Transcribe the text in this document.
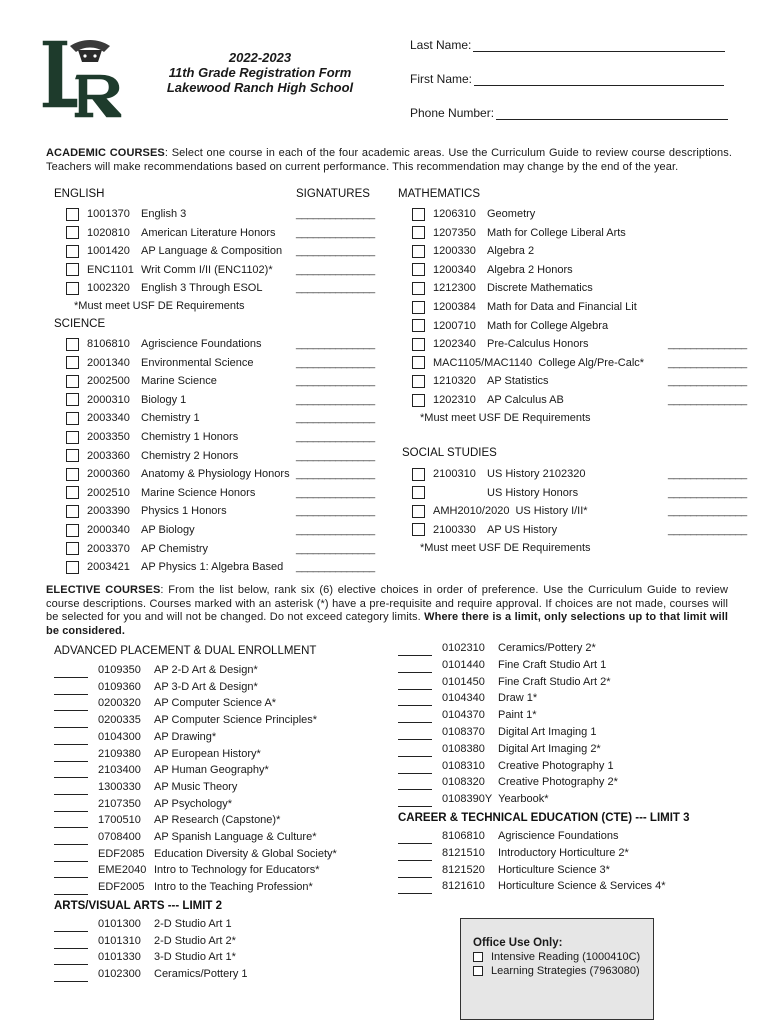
2022-2023
11th Grade Registration Form
Lakewood Ranch High School
Last Name:
First Name:
Phone Number:
ACADEMIC COURSES: Select one course in each of the four academic areas. Use the Curriculum Guide to review course descriptions. Teachers will make recommendations based on current performance. This recommendation may change by the end of the year.
ENGLISH	SIGNATURES MATHEMATICS
SCIENCE
SOCIAL STUDIES
1001370 English 3	______________
1020810 American Literature Honors ______________
1001420 AP Language & Composition ______________
ENC1101 Writ Comm I/II (ENC1102)* ______________
1002320 English 3 Through ESOL	______________
8106810 Agriscience Foundations	______________
2001340 Environmental Science	______________
2002500 Marine Science	______________
2000310 Biology 1	______________
2003340 Chemistry 1	______________
2003350 Chemistry 1 Honors	______________
2003360 Chemistry 2 Honors	______________
2000360 Anatomy & Physiology Honors ______________
2002510 Marine Science Honors	______________
2003390 Physics 1 Honors	______________
2000340 AP Biology	______________
2003370 AP Chemistry	______________
2003421 AP Physics 1: Algebra Based ______________
1206310 Geometry
1207350 Math for College Liberal Arts
1200330 Algebra 2
1200340 Algebra 2 Honors
1212300 Discrete Mathematics
1200384 Math for Data and Financial Lit
1200710 Math for College Algebra
1202340 Pre-Calculus Honors	______________
MAC1105/MAC1140 College Alg/Pre-Calc* ______________
1210320 AP Statistics	______________
1202310 AP Calculus AB	______________
2100310 US History 2102320	______________
US History Honors	______________
AMH2010/2020 US History I/II*	______________
2100330 AP US History	______________
*Must meet USF DE Requirements
*Must meet USF DE Requirements
*Must meet USF DE Requirements
ELECTIVE COURSES: From the list below, rank six (6) elective choices in order of preference. Use the Curriculum Guide to review course descriptions. Courses marked with an asterisk (*) have a pre-requisite and require approval. If choices are not made, courses will be selected for you and will not be changed. Do not exceed category limits. Where there is a limit, only selections up to that limit will be considered.
ADVANCED PLACEMENT & DUAL ENROLLMENT
ARTS/VISUAL ARTS --- LIMIT 2
CAREER & TECHNICAL EDUCATION (CTE) --- LIMIT 3
0109350 AP 2-D Art & Design*
0109360 AP 3-D Art & Design*
0200320 AP Computer Science A*
0200335 AP Computer Science Principles*
0104300 AP Drawing*
2109380 AP European History*
2103400 AP Human Geography*
1300330 AP Music Theory
2107350 AP Psychology*
1700510 AP Research (Capstone)*
0708400 AP Spanish Language & Culture*
EDF2085 Education Diversity & Global Society*
EME2040 Intro to Technology for Educators*
EDF2005 Intro to the Teaching Profession*
0101300 2-D Studio Art 1
0101310 2-D Studio Art 2*
0101330 3-D Studio Art 1*
0102300 Ceramics/Pottery 1
0102310 Ceramics/Pottery 2*
0101440 Fine Craft Studio Art 1
0101450 Fine Craft Studio Art 2*
0104340 Draw 1*
0104370 Paint 1*
0108370 Digital Art Imaging 1
0108380 Digital Art Imaging 2*
0108310 Creative Photography 1
0108320 Creative Photography 2*
0108390Y Yearbook*
8106810 Agriscience Foundations
8121510 Introductory Horticulture 2*
8121520 Horticulture Science 3*
8121610 Horticulture Science & Services 4*
Office Use Only:
Intensive Reading (1000410C)
Learning Strategies (7963080)
